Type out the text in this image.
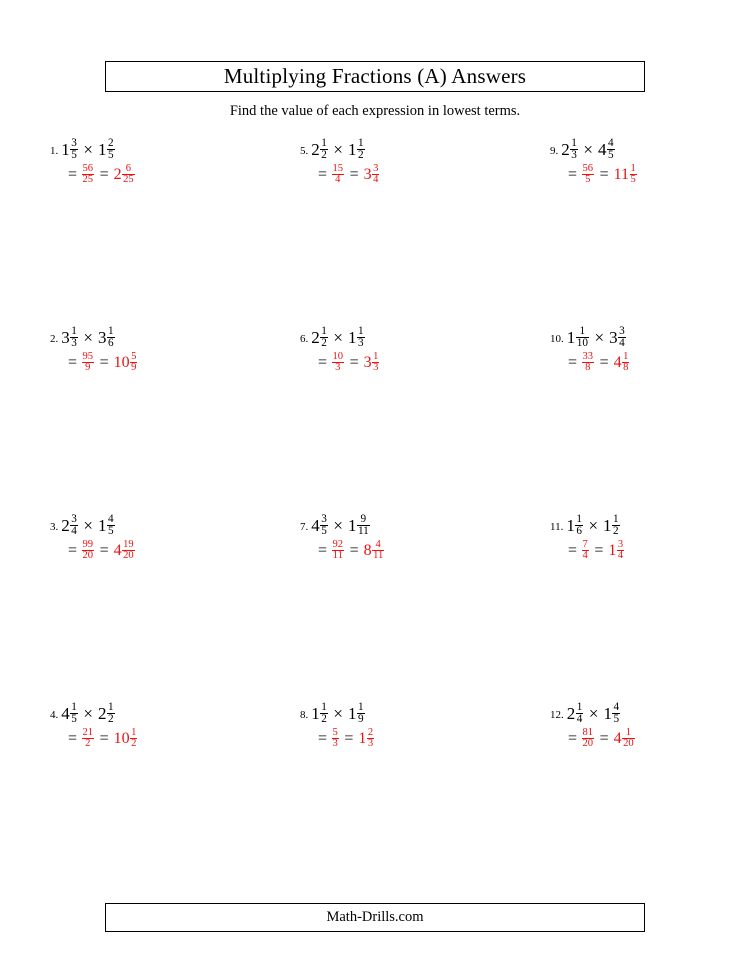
Multiplying Fractions (A) Answers
Find the value of each expression in lowest terms.
1. $1 \frac{3}{5} \times 1 \frac{2}{5}$
= $\frac{56}{25} = 2 \frac{6}{25}$
5. $2 \frac{1}{2} \times 1 \frac{1}{2}$
= $\frac{15}{4} = 3 \frac{3}{4}$
9. $2 \frac{1}{3} \times 4 \frac{4}{5}$
= $\frac{56}{5} = 11 \frac{1}{5}$
2. $3 \frac{1}{3} \times 3 \frac{1}{6}$
= $\frac{95}{9} = 10 \frac{5}{9}$
6. $2 \frac{1}{2} \times 1 \frac{1}{3}$
= $\frac{10}{3} = 3 \frac{1}{3}$
10. $1 \frac{1}{10} \times 3 \frac{3}{4}$
= $\frac{33}{8} = 4 \frac{1}{8}$
3. $2 \frac{3}{4} \times 1 \frac{4}{5}$
= $\frac{99}{20} = 4 \frac{19}{20}$
7. $4 \frac{3}{5} \times 1 \frac{9}{11}$
= $\frac{92}{11} = 8 \frac{4}{11}$
11. $1 \frac{1}{6} \times 1 \frac{1}{2}$
= $\frac{7}{4} = 1 \frac{3}{4}$
4. $4 \frac{1}{5} \times 2 \frac{1}{2}$
= $\frac{21}{2} = 10 \frac{1}{2}$
8. $1 \frac{1}{2} \times 1 \frac{1}{9}$
= $\frac{5}{3} = 1 \frac{2}{3}$
12. $2 \frac{1}{4} \times 1 \frac{4}{5}$
= $\frac{81}{20} = 4 \frac{1}{20}$
Math-Drills.com
